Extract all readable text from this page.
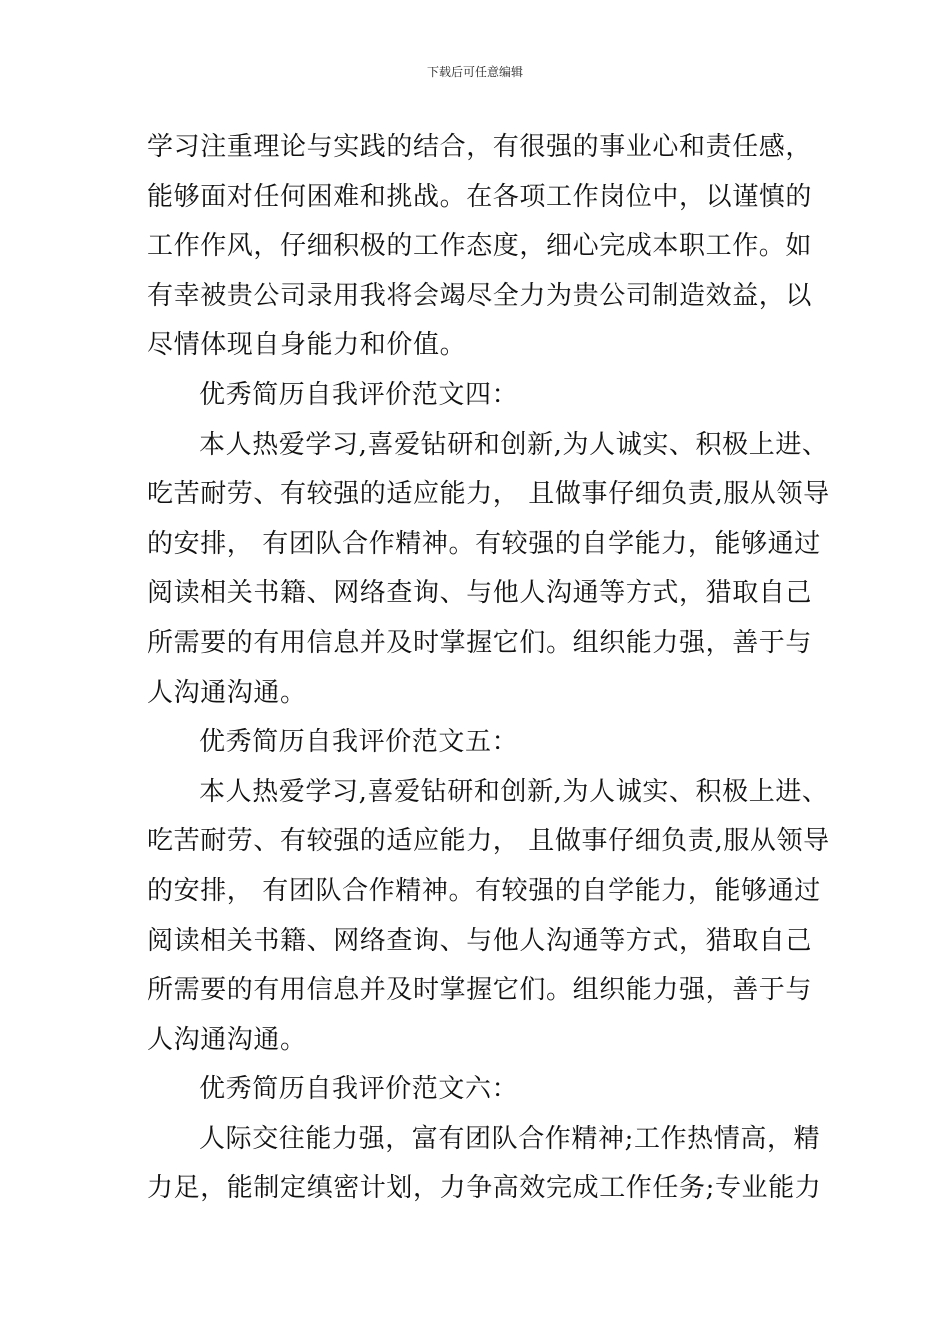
下载后可任意编辑
学习注重理论与实践的结合，有很强的事业心和责任感，
能够面对任何困难和挑战。在各项工作岗位中，以谨慎的
工作作风，仔细积极的工作态度，细心完成本职工作。如
有幸被贵公司录用我将会竭尽全力为贵公司制造效益，以
尽情体现自身能力和价值。
优秀简历自我评价范文四：
本人热爱学习,喜爱钻研和创新,为人诚实、积极上进、
吃苦耐劳、有较强的适应能力， 且做事仔细负责,服从领导
的安排， 有团队合作精神。有较强的自学能力，能够通过
阅读相关书籍、网络查询、与他人沟通等方式，猎取自己
所需要的有用信息并及时掌握它们。组织能力强，善于与
人沟通沟通。
优秀简历自我评价范文五：
本人热爱学习,喜爱钻研和创新,为人诚实、积极上进、
吃苦耐劳、有较强的适应能力， 且做事仔细负责,服从领导
的安排， 有团队合作精神。有较强的自学能力，能够通过
阅读相关书籍、网络查询、与他人沟通等方式，猎取自己
所需要的有用信息并及时掌握它们。组织能力强，善于与
人沟通沟通。
优秀简历自我评价范文六：
人际交往能力强，富有团队合作精神;工作热情高，精
力足，能制定缜密计划，力争高效完成工作任务;专业能力
